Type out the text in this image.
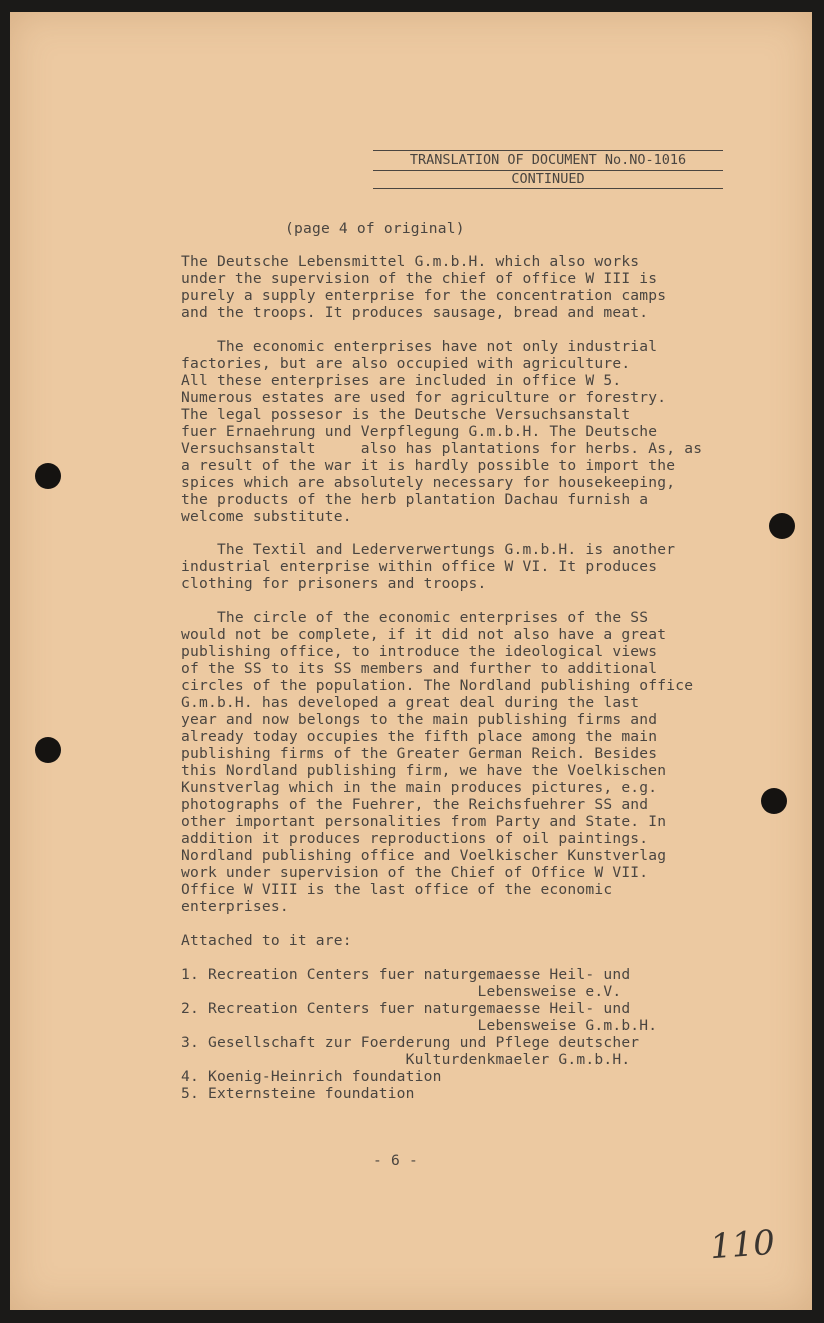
TRANSLATION OF DOCUMENT No.NO-1016
CONTINUED
(page 4 of original)
The Deutsche Lebensmittel G.m.b.H. which also works
under the supervision of the chief of office W III is
purely a supply enterprise for the concentration camps
and the troops. It produces sausage, bread and meat.
The economic enterprises have not only industrial
factories, but are also occupied with agriculture.
All these enterprises are included in office W 5.
Numerous estates are used for agriculture or forestry.
The legal possesor is the Deutsche Versuchsanstalt
fuer Ernaehrung und Verpflegung G.m.b.H. The Deutsche
Versuchsanstalt     also has plantations for herbs. As, as
a result of the war it is hardly possible to import the
spices which are absolutely necessary for housekeeping,
the products of the herb plantation Dachau furnish a
welcome substitute.
The Textil and Lederverwertungs G.m.b.H. is another
industrial enterprise within office W VI. It produces
clothing for prisoners and troops.
The circle of the economic enterprises of the SS
would not be complete, if it did not also have a great
publishing office, to introduce the ideological views
of the SS to its SS members and further to additional
circles of the population. The Nordland publishing office
G.m.b.H. has developed a great deal during the last
year and now belongs to the main publishing firms and
already today occupies the fifth place among the main
publishing firms of the Greater German Reich. Besides
this Nordland publishing firm, we have the Voelkischen
Kunstverlag which in the main produces pictures, e.g.
photographs of the Fuehrer, the Reichsfuehrer SS and
other important personalities from Party and State. In
addition it produces reproductions of oil paintings.
Nordland publishing office and Voelkischer Kunstverlag
work under supervision of the Chief of Office W VII.
Office W VIII is the last office of the economic
enterprises.
Attached to it are:
1. Recreation Centers fuer naturgemaesse Heil- und
Lebensweise e.V.
2. Recreation Centers fuer naturgemaesse Heil- und
Lebensweise G.m.b.H.
3. Gesellschaft zur Foerderung und Pflege deutscher
Kulturdenkmaeler G.m.b.H.
4. Koenig-Heinrich foundation
5. Externsteine foundation
- 6 -
110
